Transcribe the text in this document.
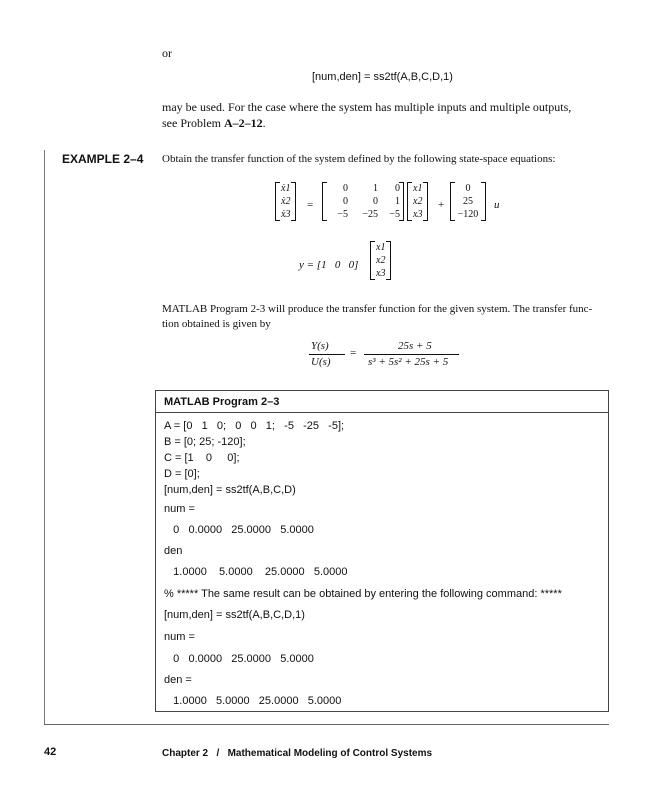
or
[num,den] = ss2tf(A,B,C,D,1)
may be used. For the case where the system has multiple inputs and multiple outputs,
see Problem A–2–12.
EXAMPLE 2–4 Obtain the transfer function of the system defined by the following state-space equations:
ẋ1
ẋ2
ẋ3
=
0	1	0
0	0	1
−5	−25	−5
x1
x2
x3
+
0
25
−120
u
y = [1   0   0]
x1
x2
x3
MATLAB Program 2-3 will produce the transfer function for the given system. The transfer func-
tion obtained is given by
Y(s)
U(s)
=
25s + 5
s³ + 5s² + 25s + 5
MATLAB Program 2–3
A = [0   1   0;   0   0   1;   -5   -25   -5];
B = [0; 25; -120];
C = [1    0     0];
D = [0];
[num,den] = ss2tf(A,B,C,D)
num =
0   0.0000   25.0000   5.0000
den
1.0000    5.0000    25.0000   5.0000
% ***** The same result can be obtained by entering the following command: *****
[num,den] = ss2tf(A,B,C,D,1)
num =
0   0.0000   25.0000   5.0000
den =
1.0000   5.0000   25.0000   5.0000
42	Chapter 2   /   Mathematical Modeling of Control Systems
